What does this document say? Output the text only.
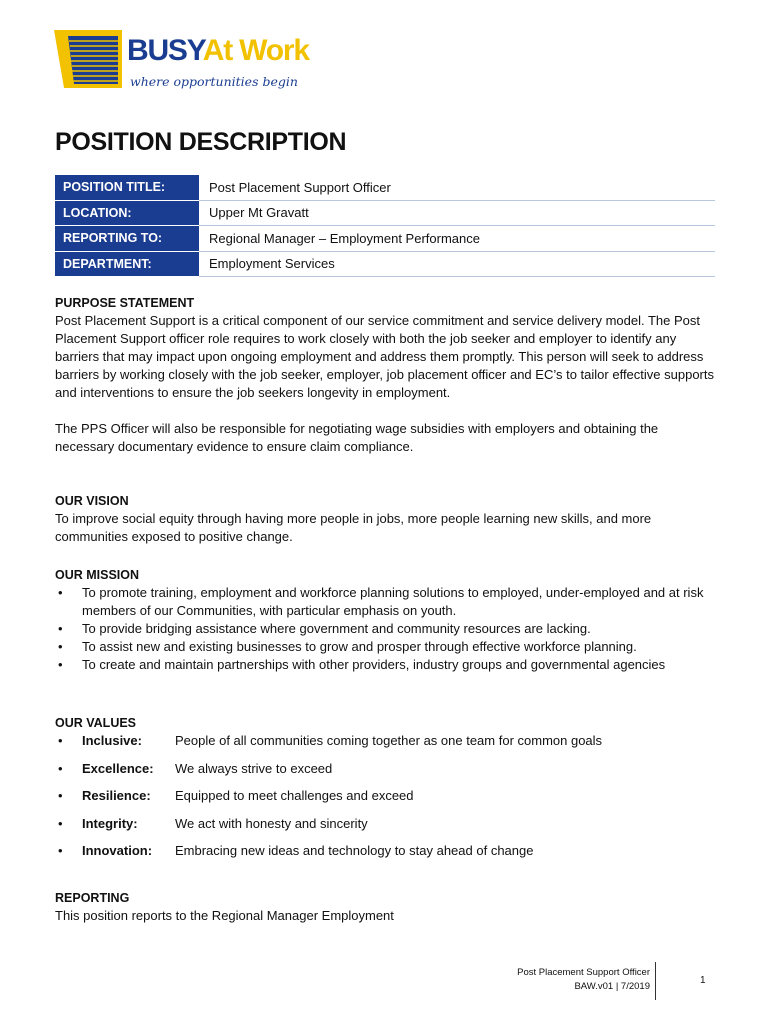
BUSYAt Work
where opportunities begin
POSITION DESCRIPTION
POSITION TITLE:	Post Placement Support Officer
LOCATION:	Upper Mt Gravatt
REPORTING TO:	Regional Manager – Employment Performance
DEPARTMENT:	Employment Services
PURPOSE STATEMENT

Post Placement Support is a critical component of our service commitment and service delivery model. The Post Placement Support officer role requires to work closely with both the job seeker and employer to identify any barriers that may impact upon ongoing employment and address them promptly. This person will seek to address barriers by working closely with the job seeker, employer, job placement officer and EC’s to tailor effective supports and interventions to ensure the job seekers longevity in employment.

The PPS Officer will also be responsible for negotiating wage subsidies with employers and obtaining the necessary documentary evidence to ensure claim compliance.

OUR VISION

To improve social equity through having more people in jobs, more people learning new skills, and more communities exposed to positive change.

OUR MISSION
• To promote training, employment and workforce planning solutions to employed, under-employed and at risk members of our Communities, with particular emphasis on youth.
• To provide bridging assistance where government and community resources are lacking.
• To assist new and existing businesses to grow and prosper through effective workforce planning.
• To create and maintain partnerships with other providers, industry groups and governmental agencies
OUR VALUES
• Inclusive:	People of all communities coming together as one team for common goals
• Excellence: We always strive to exceed
• Resilience: Equipped to meet challenges and exceed
• Integrity:	We act with honesty and sincerity
• Innovation: Embracing new ideas and technology to stay ahead of change
REPORTING

This position reports to the Regional Manager Employment

Post Placement Support Officer
BAW.v01 | 7/2019
1
